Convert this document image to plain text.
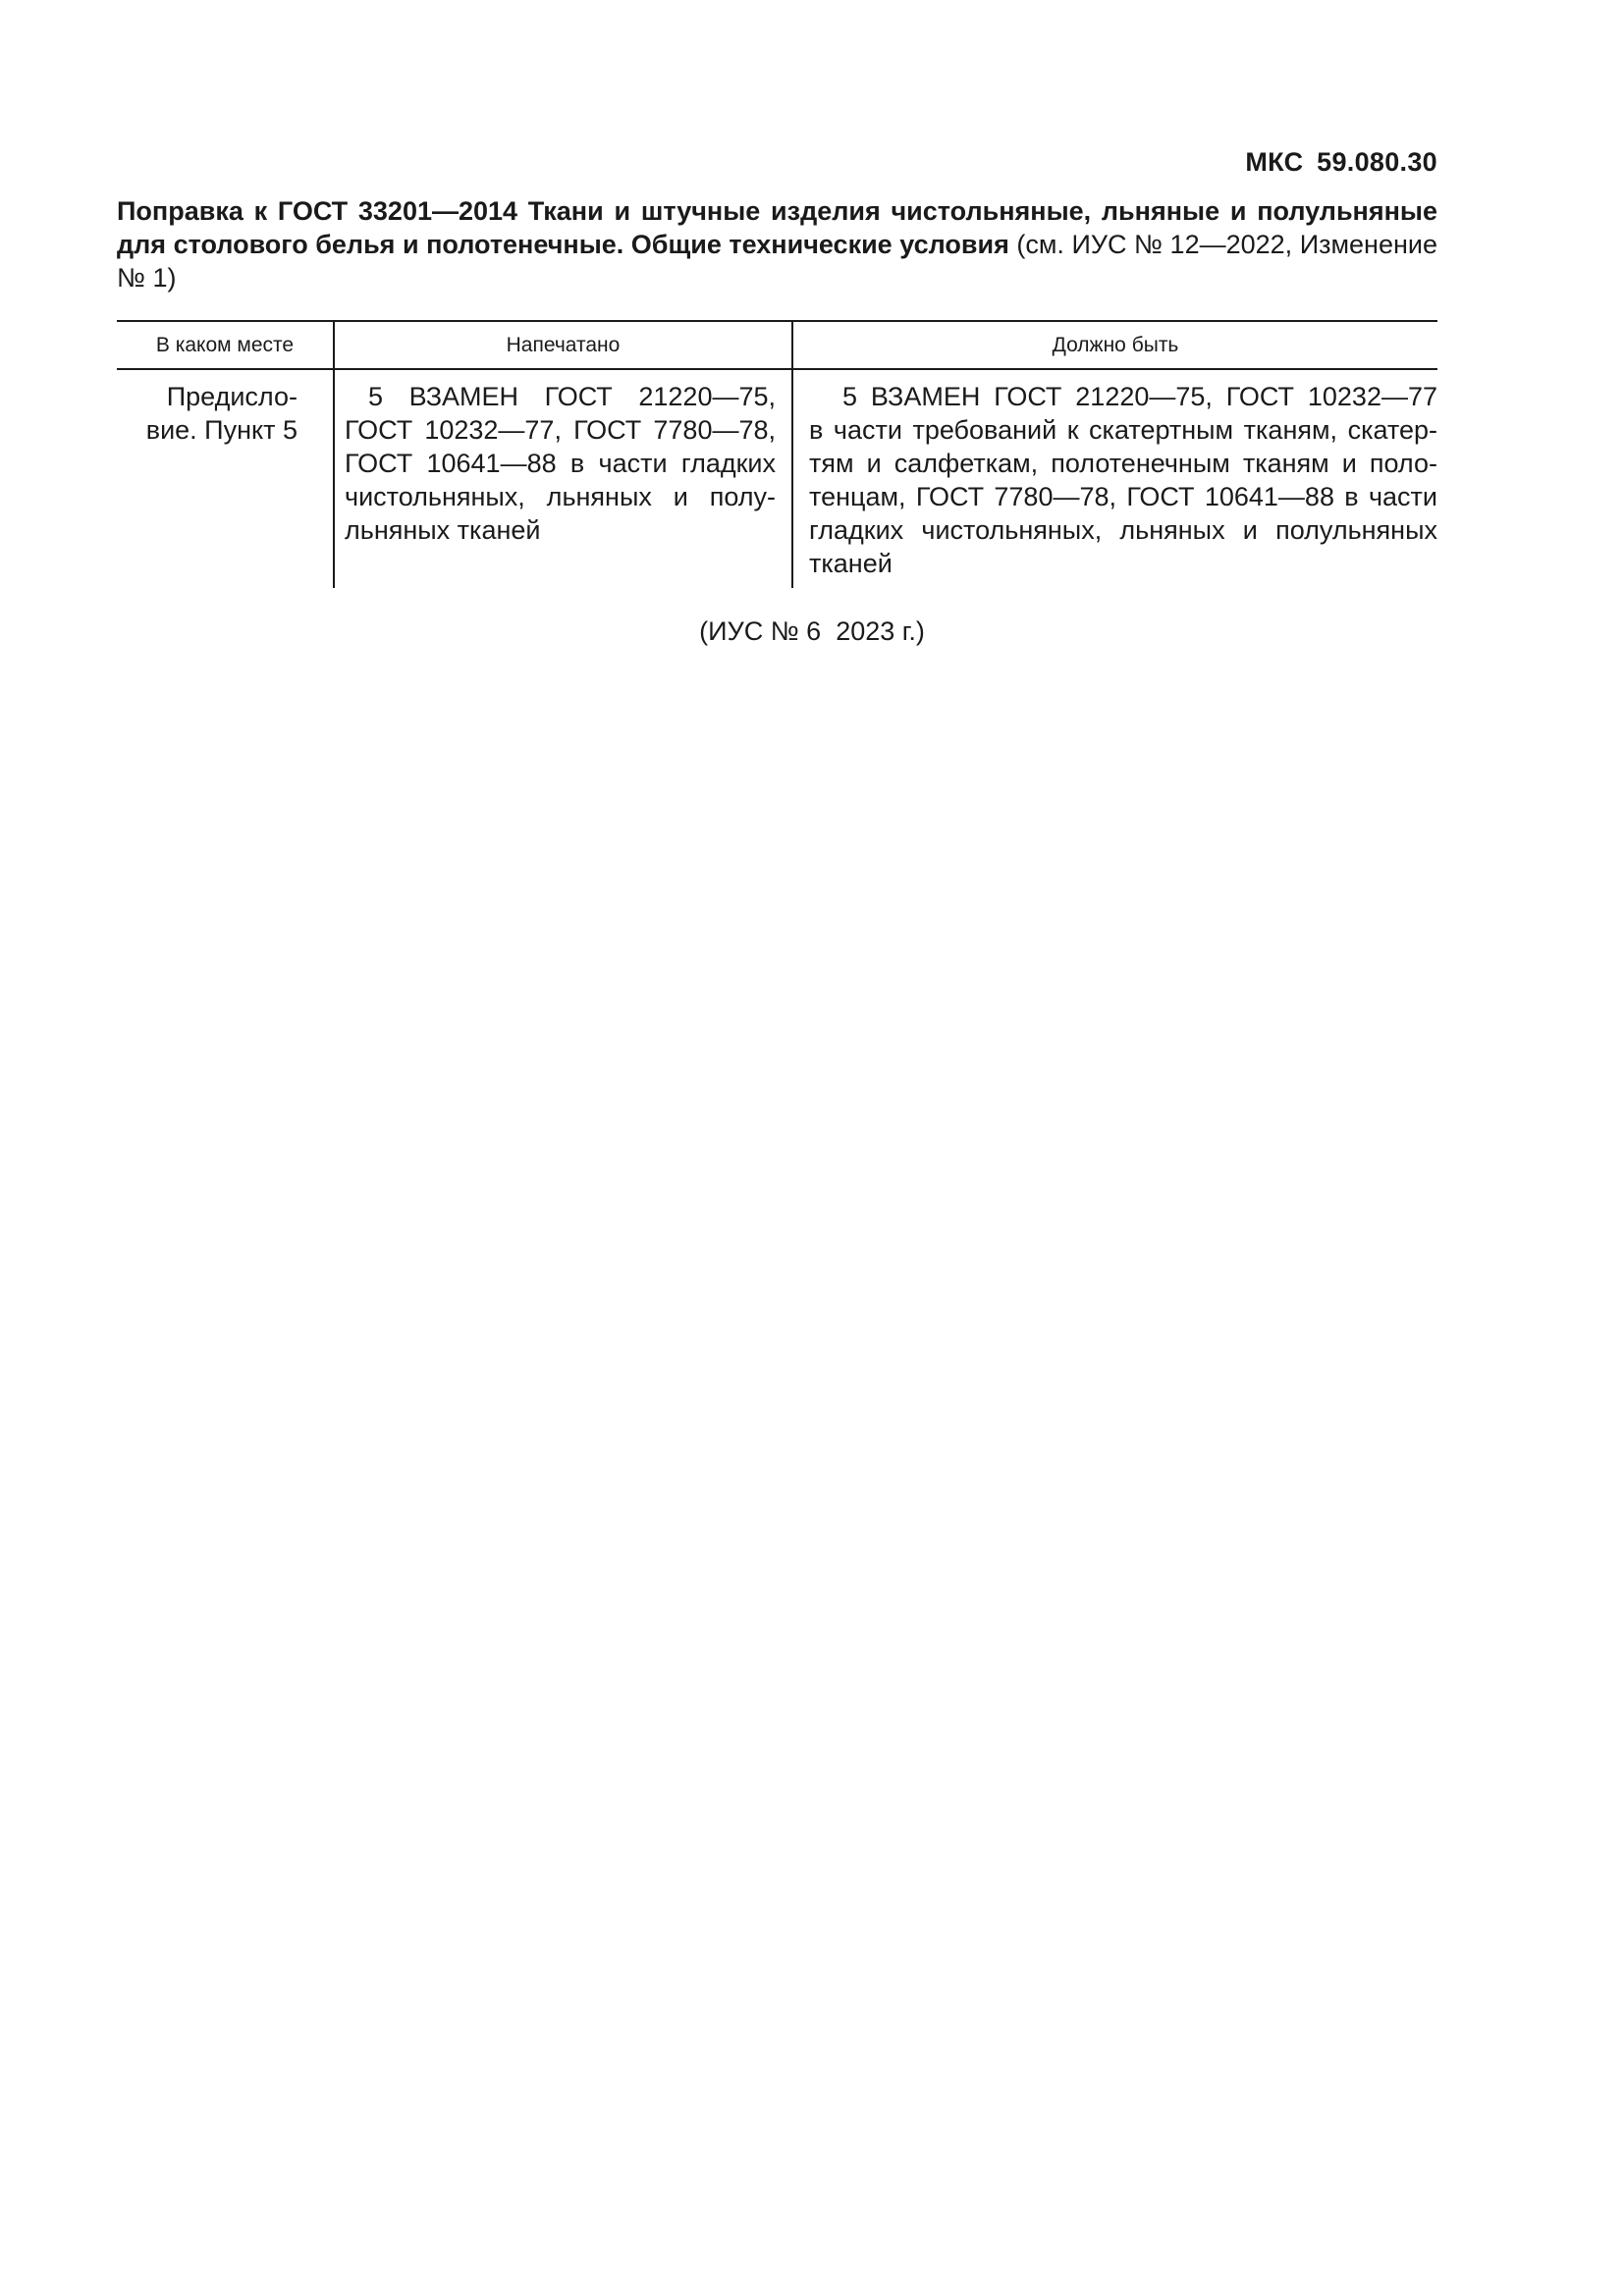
МКС 59.080.30
Поправка к ГОСТ 33201—2014 Ткани и штучные изделия чистольняные, льняные и полульняные для столового белья и полотенечные. Общие технические условия (см. ИУС № 12—2022, Изменение № 1)
В каком месте	Напечатано	Должно быть
Предисло-
вие. Пункт 5
5 ВЗАМЕН ГОСТ 21220—75,
ГОСТ 10232—77, ГОСТ 7780—78,
ГОСТ 10641—88 в части гладких
чистольняных, льняных и полу-
льняных тканей
5 ВЗАМЕН ГОСТ 21220—75, ГОСТ 10232—77
в части требований к скатертным тканям, скатер-
тям и салфеткам, полотенечным тканям и поло-
тенцам, ГОСТ 7780—78, ГОСТ 10641—88 в части
гладких чистольняных, льняных и полульняных
тканей
(ИУС № 6  2023 г.)
